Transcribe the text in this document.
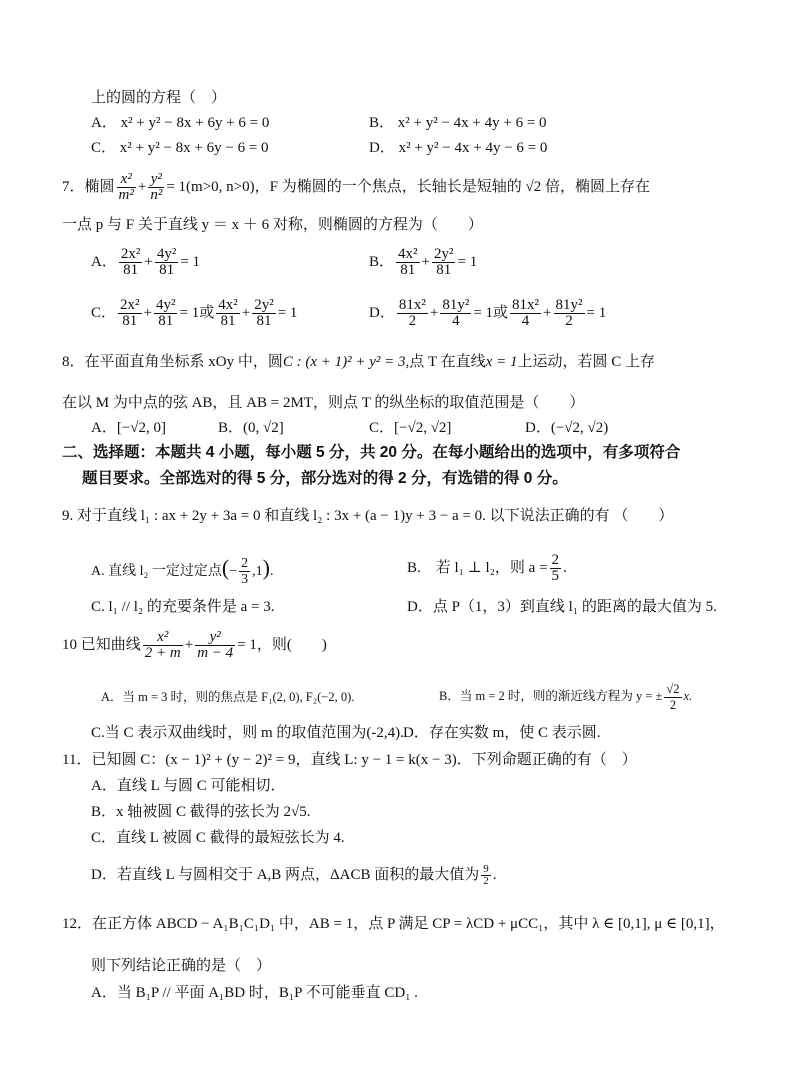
上的圆的方程（　）
A． x² + y² − 8x + 6y + 6 = 0	B． x² + y² − 4x + 4y + 6 = 0
C． x² + y² − 8x + 6y − 6 = 0	D． x² + y² − 4x + 4y − 6 = 0
7．椭圆 $\frac{\text{x²}}{\text{m²}} + \frac{\text{y²}}{\text{n²}} = 1(m>0$, n>0)，F 为椭圆的一个焦点，长轴长是短轴的 √2 倍，椭圆上存在
一点 p 与 F 关于直线 y ＝ x ＋ 6 对称，则椭圆的方程为（　　）
A． $\frac{\text{2x²}}{81} + \frac{\text{4y²}}{81} = 1$	B． $\frac{\text{4x²}}{81} + \frac{\text{2y²}}{81} = 1$
C． $\frac{\text{2x²}}{81} + \frac{\text{4y²}}{81} = 1$或 $\frac{\text{4x²}}{81} + \frac{\text{2y²}}{81} = 1$	D． $\frac{\text{81x²}}{2} + \frac{\text{81y²}}{4} = 1$或 $\frac{\text{81x²}}{4} + \frac{\text{81y²}}{2} = 1$
8．在平面直角坐标系 xOy 中，圆C : (x + 1)² + y² = 3,点 T 在直线x = 1上运动，若圆 C 上存
在以 M 为中点的弦 AB，且 AB = 2MT，则点 T 的纵坐标的取值范围是（　　）
A．[−√2, 0]	B．(0, √2]	C．[−√2, √2]	D．(−√2, √2)
二、选择题：本题共 4 小题，每小题 5 分，共 20 分。在每小题给出的选项中，有多项符合
题目要求。全部选对的得 5 分，部分选对的得 2 分，有选错的得 0 分。
9. 对于直线 l₁ : ax + 2y + 3a = 0 和直线 l₂ : 3x + (a − 1)y + 3 − a = 0. 以下说法正确的有 （　　）
A. 直线 l₂ 一定过定点(− $\frac{2}{3} ,1$).	B.　若 l₁ ⊥ l₂，则 $a = \frac{2}{5}$ .
C. l₁ // l₂ 的充要条件是 a = 3.	D．点 P（1，3）到直线 l₁ 的距离的最大值为 5.
10 已知曲线 $\frac{\text{x²}}{2 + m} + \frac{\text{y²}}{m - 4} = 1$，则(　　)
A．当 m = 3 时，则的焦点是 F₁(2, 0), F₂(−2, 0).	B．当 m = 2 时，则的渐近线方程为 y = ± $\frac{√2}{2} x$.
C.当 C 表示双曲线时，则 m 的取值范围为(-2,4). D．存在实数 m，使 C 表示圆.
11．已知圆 C：(x − 1)² + (y − 2)² = 9，直线 L: y − 1 = k(x − 3)．下列命题正确的有（　）
A．直线 L 与圆 C 可能相切．
B．x 轴被圆 C 截得的弦长为 2√5.
C．直线 L 被圆 C 截得的最短弦长为 4.
D．若直线 L 与圆相交于 A,B 两点，ΔACB 面积的最大值为 $\frac{9}{2}$ .
12．在正方体 ABCD − A₁B₁C₁D₁ 中，AB = 1，点 P 满足 CP = λCD + μCC₁，其中 λ ∈ [0,1], μ ∈ [0,1]，
则下列结论正确的是（　）
A．当 B₁P // 平面 A₁BD 时，B₁P 不可能垂直 CD₁ .
